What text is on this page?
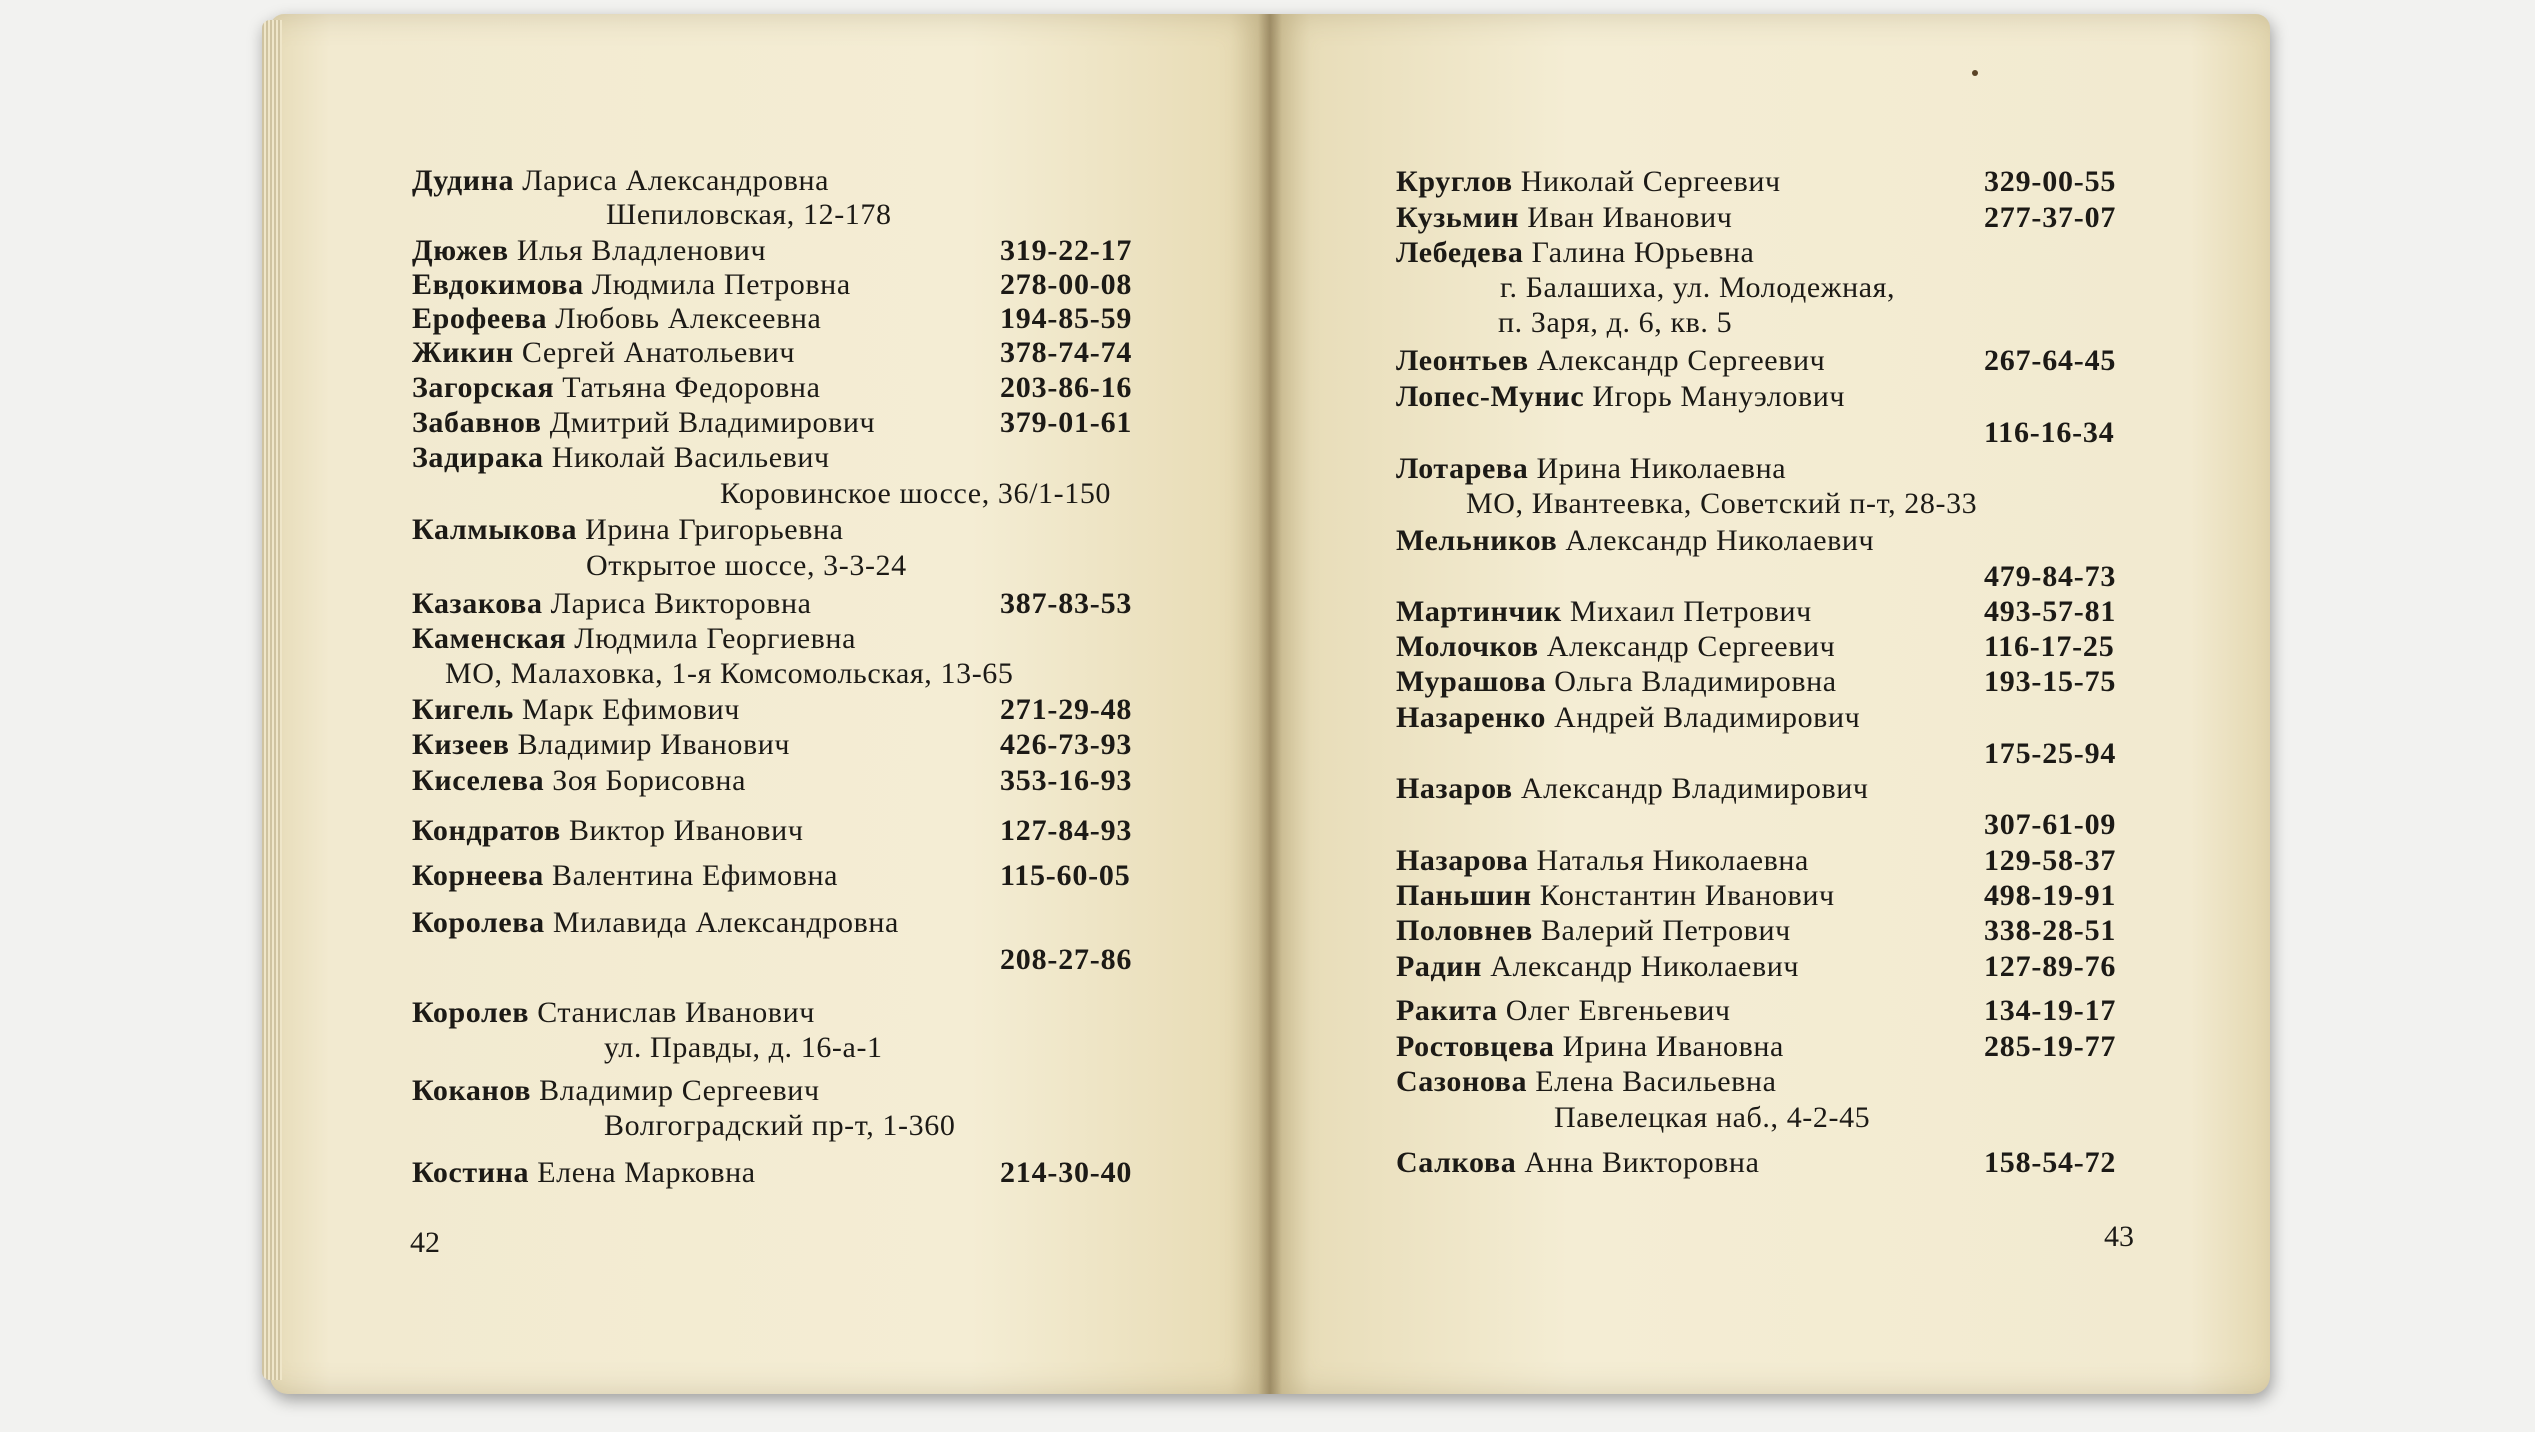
Дудина Лариса Александровна
Шепиловская, 12-178
Дюжев Илья Владленович	319-22-17
Евдокимова Людмила Петровна	278-00-08
Ерофеева Любовь Алексеевна	194-85-59
Жикин Сергей Анатольевич	378-74-74
Загорская Татьяна Федоровна	203-86-16
Забавнов Дмитрий Владимирович	379-01-61
Задирака Николай Васильевич
Коровинское шоссе, 36/1-150
Калмыкова Ирина Григорьевна
Открытое шоссе, 3-3-24
Казакова Лариса Викторовна	387-83-53
Каменская Людмила Георгиевна
МО, Малаховка, 1-я Комсомольская, 13-65
Кигель Марк Ефимович	271-29-48
Кизеев Владимир Иванович	426-73-93
Киселева Зоя Борисовна	353-16-93
Кондратов Виктор Иванович	127-84-93
Корнеева Валентина Ефимовна	115-60-05
Королева Милавида Александровна
208-27-86
Королев Станислав Иванович
ул. Правды, д. 16-а-1
Коканов Владимир Сергеевич
Волгоградский пр-т, 1-360
Костина Елена Марковна	214-30-40
42
Круглов Николай Сергеевич	329-00-55
Кузьмин Иван Иванович	277-37-07
Лебедева Галина Юрьевна
г. Балашиха, ул. Молодежная,
п. Заря, д. 6, кв. 5
Леонтьев Александр Сергеевич	267-64-45
Лопес-Мунис Игорь Мануэлович
116-16-34
Лотарева Ирина Николаевна
МО, Ивантеевка, Советский п-т, 28-33
Мельников Александр Николаевич
479-84-73
Мартинчик Михаил Петрович	493-57-81
Молочков Александр Сергеевич	116-17-25
Мурашова Ольга Владимировна	193-15-75
Назаренко Андрей Владимирович
175-25-94
Назаров Александр Владимирович
307-61-09
Назарова Наталья Николаевна	129-58-37
Паньшин Константин Иванович	498-19-91
Половнев Валерий Петрович	338-28-51
Радин Александр Николаевич	127-89-76
Ракита Олег Евгеньевич	134-19-17
Ростовцева Ирина Ивановна	285-19-77
Сазонова Елена Васильевна
Павелецкая наб., 4-2-45
Салкова Анна Викторовна	158-54-72
43
